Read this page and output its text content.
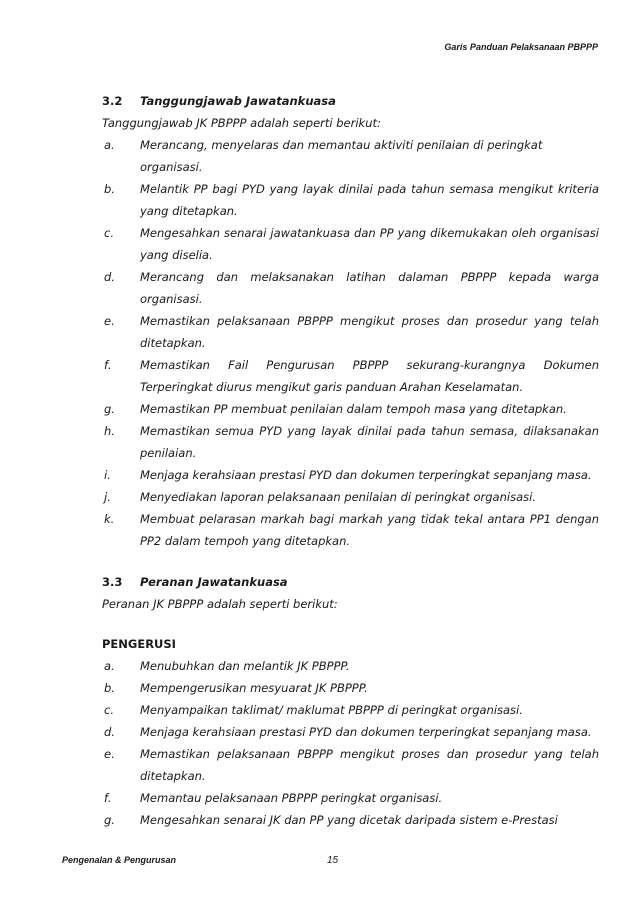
Garis Panduan Pelaksanaan PBPPP
3.2	Tanggungjawab Jawatankuasa
Tanggungjawab JK PBPPP adalah seperti berikut:
a.	Merancang, menyelaras dan memantau aktiviti penilaian di peringkat organisasi.
b.	Melantik PP bagi PYD yang layak dinilai pada tahun semasa mengikut kriteria yang ditetapkan.
c.	Mengesahkan senarai jawatankuasa dan PP yang dikemukakan oleh organisasi yang diselia.
d.	Merancang dan melaksanakan latihan dalaman PBPPP kepada warga organisasi.
e.	Memastikan pelaksanaan PBPPP mengikut proses dan prosedur yang telah ditetapkan.
f.	Memastikan Fail Pengurusan PBPPP sekurang-kurangnya Dokumen Terperingkat diurus mengikut garis panduan Arahan Keselamatan.
g.	Memastikan PP membuat penilaian dalam tempoh masa yang ditetapkan.
h.	Memastikan semua PYD yang layak dinilai pada tahun semasa, dilaksanakan penilaian.
i.	Menjaga kerahsiaan prestasi PYD dan dokumen terperingkat sepanjang masa.
j.	Menyediakan laporan pelaksanaan penilaian di peringkat organisasi.
k.	Membuat pelarasan markah bagi markah yang tidak tekal antara PP1 dengan PP2 dalam tempoh yang ditetapkan.
3.3	Peranan Jawatankuasa
Peranan JK PBPPP adalah seperti berikut:
PENGERUSI
a.	Menubuhkan dan melantik JK PBPPP.
b.	Mempengerusikan mesyuarat JK PBPPP.
c.	Menyampaikan taklimat/ maklumat PBPPP di peringkat organisasi.
d.	Menjaga kerahsiaan prestasi PYD dan dokumen terperingkat sepanjang masa.
e.	Memastikan pelaksanaan PBPPP mengikut proses dan prosedur yang telah ditetapkan.
f.	Memantau pelaksanaan PBPPP peringkat organisasi.
g.	Mengesahkan senarai JK dan PP yang dicetak daripada sistem e-Prestasi
Pengenalan & Pengurusan	15
